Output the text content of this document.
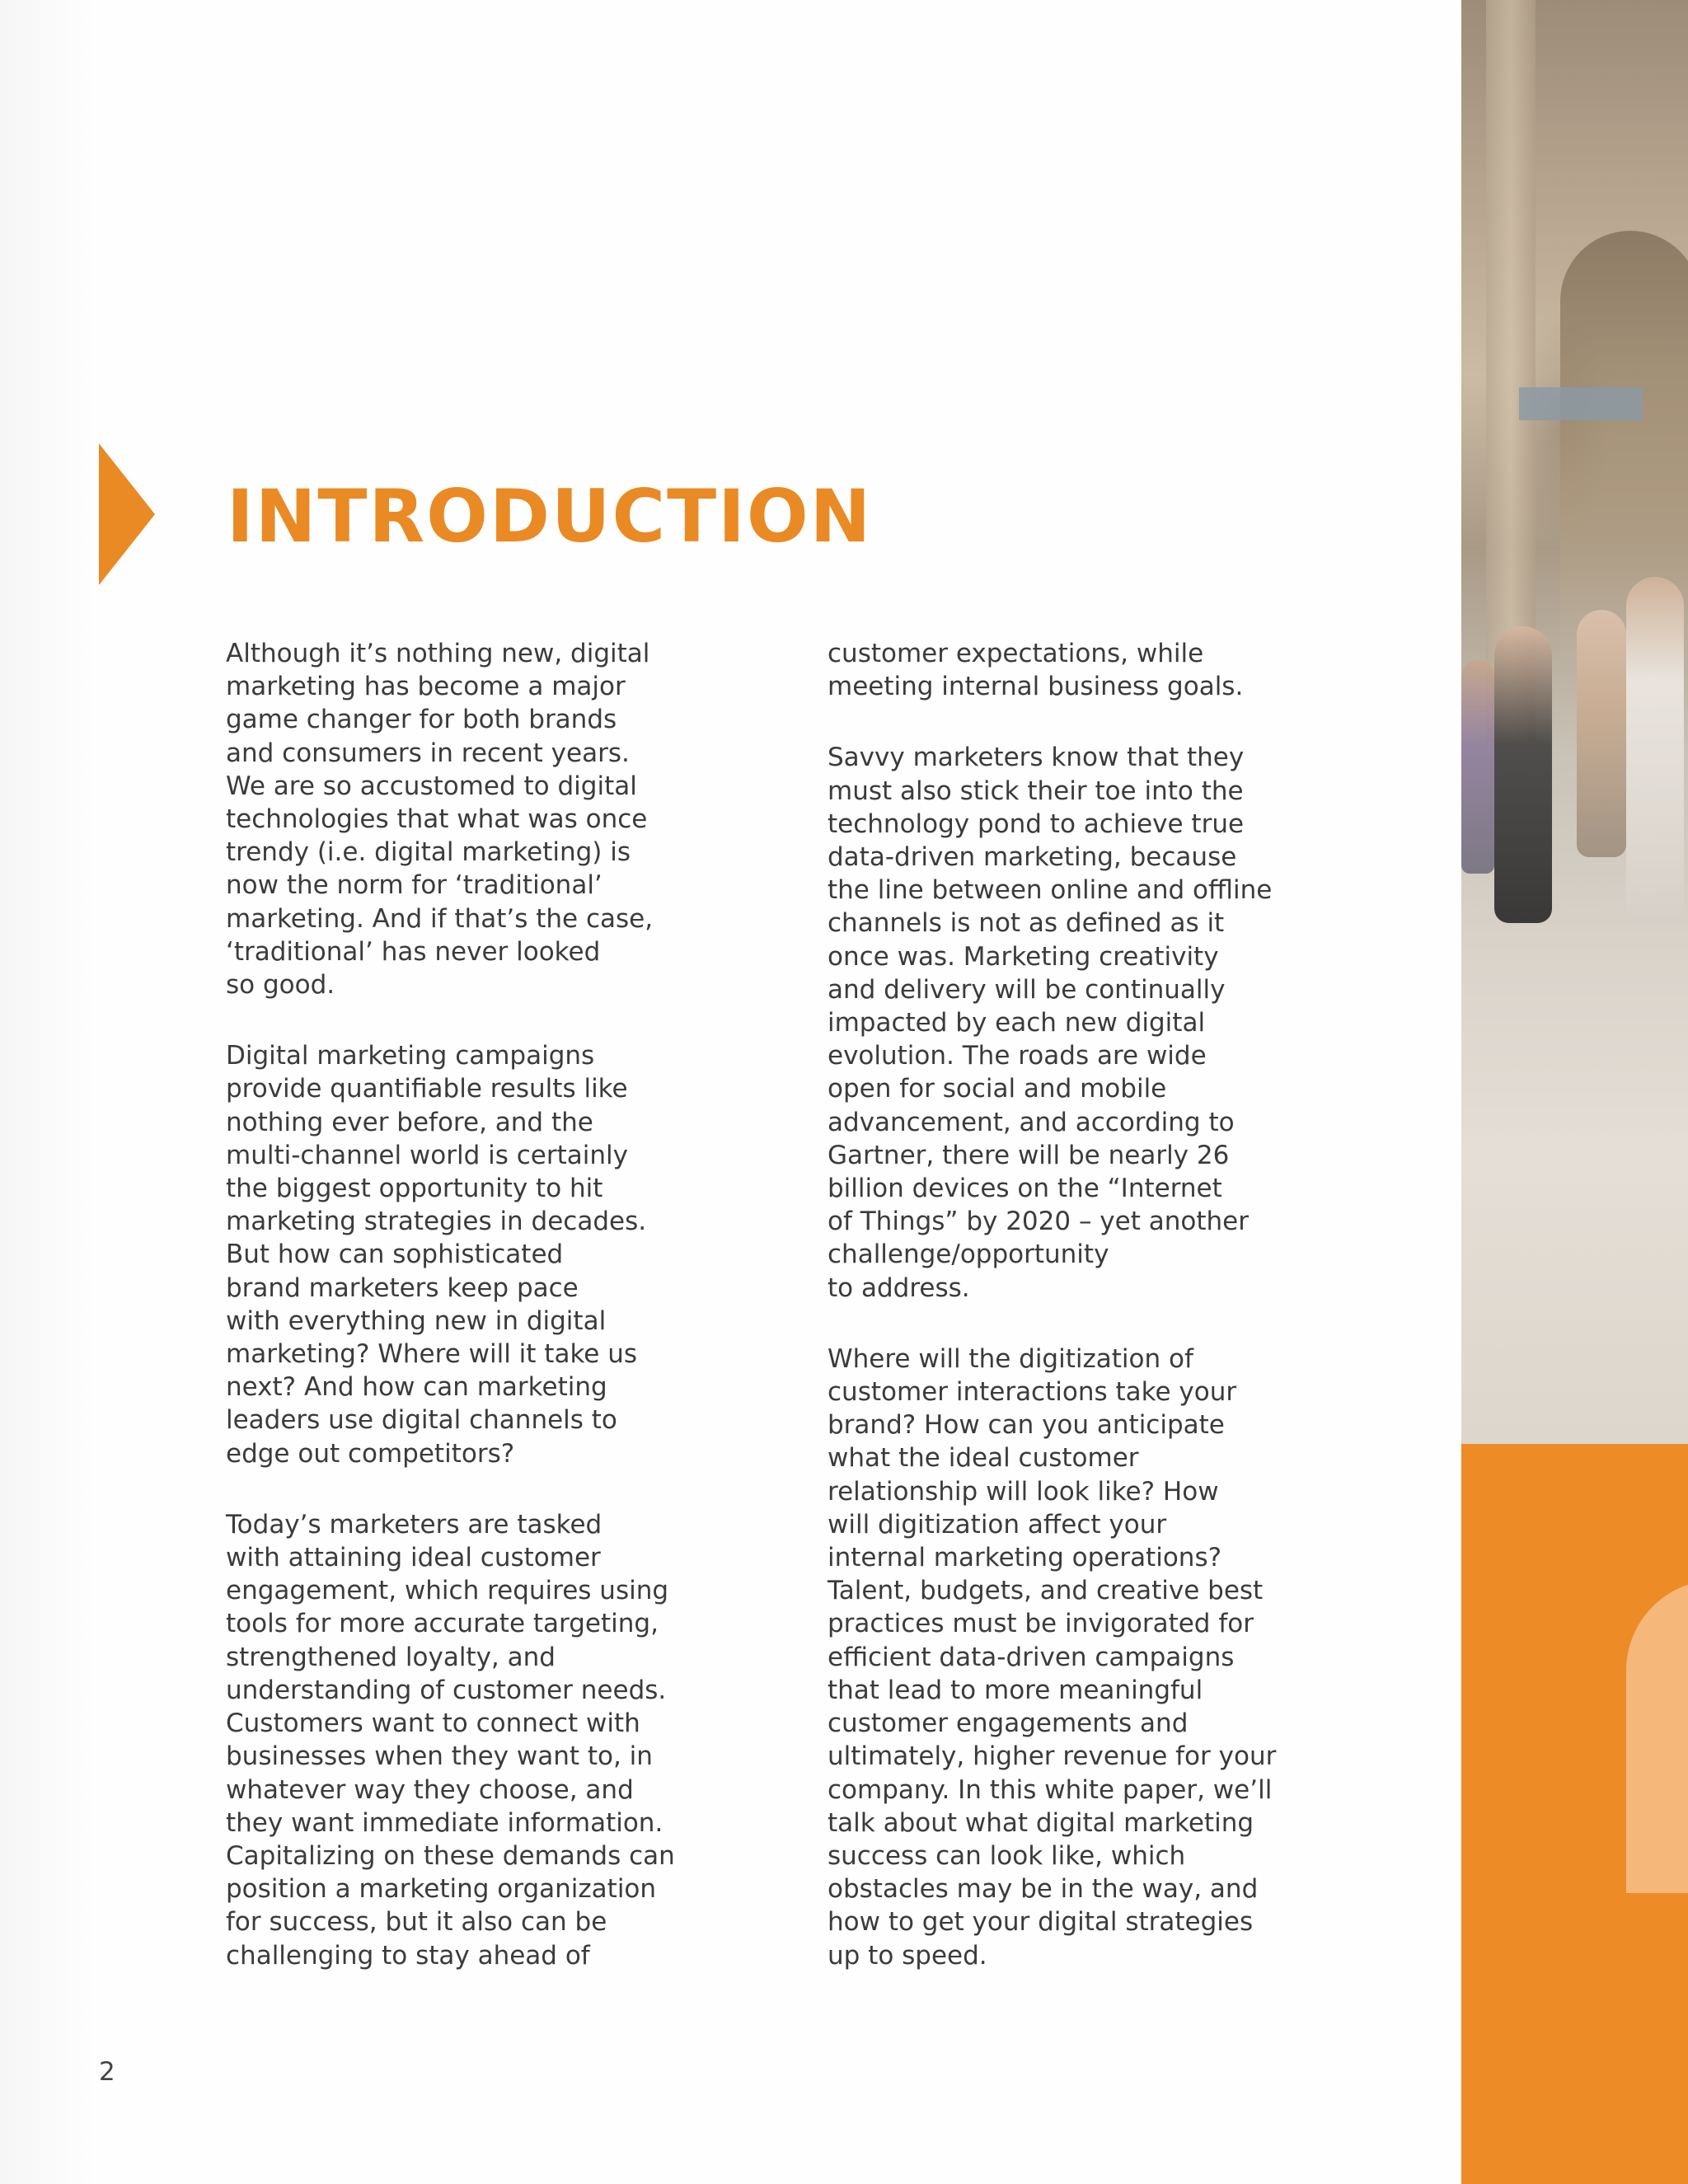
INTRODUCTION

Although it’s nothing new, digital
marketing has become a major
game changer for both brands
and consumers in recent years.
We are so accustomed to digital
technologies that what was once
trendy (i.e. digital marketing) is
now the norm for ‘traditional’
marketing. And if that’s the case,
‘traditional’ has never looked
so good.

Digital marketing campaigns
provide quantifiable results like
nothing ever before, and the
multi-channel world is certainly
the biggest opportunity to hit
marketing strategies in decades.
But how can sophisticated
brand marketers keep pace
with everything new in digital
marketing? Where will it take us
next? And how can marketing
leaders use digital channels to
edge out competitors?

Today’s marketers are tasked
with attaining ideal customer
engagement, which requires using
tools for more accurate targeting,
strengthened loyalty, and
understanding of customer needs.
Customers want to connect with
businesses when they want to, in
whatever way they choose, and
they want immediate information.
Capitalizing on these demands can
position a marketing organization
for success, but it also can be
challenging to stay ahead of

customer expectations, while
meeting internal business goals.

Savvy marketers know that they
must also stick their toe into the
technology pond to achieve true
data-driven marketing, because
the line between online and offline
channels is not as defined as it
once was. Marketing creativity
and delivery will be continually
impacted by each new digital
evolution. The roads are wide
open for social and mobile
advancement, and according to
Gartner, there will be nearly 26
billion devices on the “Internet
of Things” by 2020 – yet another
challenge/opportunity
to address.

Where will the digitization of
customer interactions take your
brand? How can you anticipate
what the ideal customer
relationship will look like? How
will digitization affect your
internal marketing operations?
Talent, budgets, and creative best
practices must be invigorated for
efficient data-driven campaigns
that lead to more meaningful
customer engagements and
ultimately, higher revenue for your
company. In this white paper, we’ll
talk about what digital marketing
success can look like, which
obstacles may be in the way, and
how to get your digital strategies
up to speed.

2
